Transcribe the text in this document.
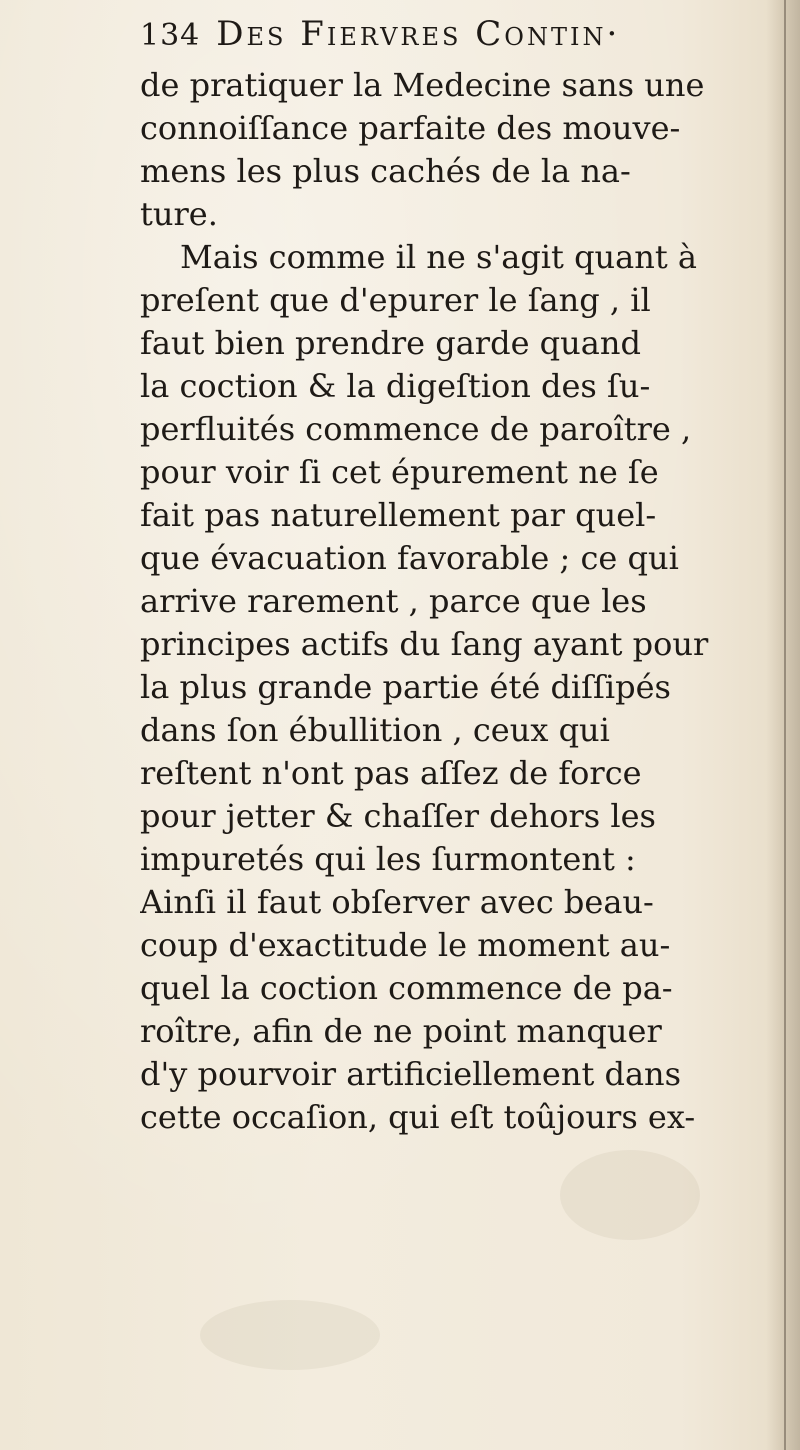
134 Des Fiervres Contin·
de pratiquer la Medecine sans une
connoiſſance parfaite des mouve-
mens les plus cachés de la na-
ture.
Mais comme il ne s'agit quant à
preſent que d'epurer le ſang , il
faut bien prendre garde quand
la coction & la digeſtion des ſu-
perfluités commence de paroître ,
pour voir ſi cet épurement ne ſe
fait pas naturellement par quel-
que évacuation favorable ; ce qui
arrive rarement , parce que les
principes actifs du ſang ayant pour
la plus grande partie été diſſipés
dans ſon ébullition , ceux qui
reſtent n'ont pas aſſez de force
pour jetter & chaſſer dehors les
impuretés qui les ſurmontent :
Ainſi il faut obſerver avec beau-
coup d'exactitude le moment au-
quel la coction commence de pa-
roître, afin de ne point manquer
d'y pourvoir artificiellement dans
cette occaſion, qui eſt toûjours ex-
